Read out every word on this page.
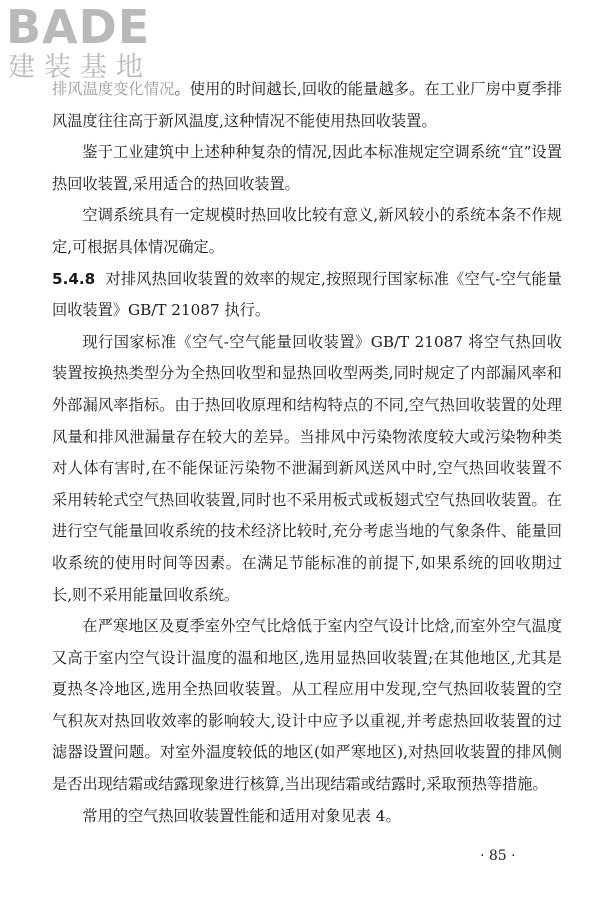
BADE
建装基地

排风温度变化情况。使用的时间越长,回收的能量越多。在工业厂房中夏季排风温度往往高于新风温度,这种情况不能使用热回收装置。

鉴于工业建筑中上述种种复杂的情况,因此本标准规定空调系统“宜”设置热回收装置,采用适合的热回收装置。

空调系统具有一定规模时热回收比较有意义,新风较小的系统本条不作规定,可根据具体情况确定。

5.4.8 对排风热回收装置的效率的规定,按照现行国家标准《空气-空气能量回收装置》GB/T 21087 执行。

现行国家标准《空气-空气能量回收装置》GB/T 21087 将空气热回收装置按换热类型分为全热回收型和显热回收型两类,同时规定了内部漏风率和外部漏风率指标。由于热回收原理和结构特点的不同,空气热回收装置的处理风量和排风泄漏量存在较大的差异。当排风中污染物浓度较大或污染物种类对人体有害时,在不能保证污染物不泄漏到新风送风中时,空气热回收装置不采用转轮式空气热回收装置,同时也不采用板式或板翅式空气热回收装置。在进行空气能量回收系统的技术经济比较时,充分考虑当地的气象条件、能量回收系统的使用时间等因素。在满足节能标准的前提下,如果系统的回收期过长,则不采用能量回收系统。

在严寒地区及夏季室外空气比焓低于室内空气设计比焓,而室外空气温度又高于室内空气设计温度的温和地区,选用显热回收装置;在其他地区,尤其是夏热冬冷地区,选用全热回收装置。从工程应用中发现,空气热回收装置的空气积灰对热回收效率的影响较大,设计中应予以重视,并考虑热回收装置的过滤器设置问题。对室外温度较低的地区(如严寒地区),对热回收装置的排风侧是否出现结霜或结露现象进行核算,当出现结霜或结露时,采取预热等措施。

常用的空气热回收装置性能和适用对象见表 4。

· 85 ·
